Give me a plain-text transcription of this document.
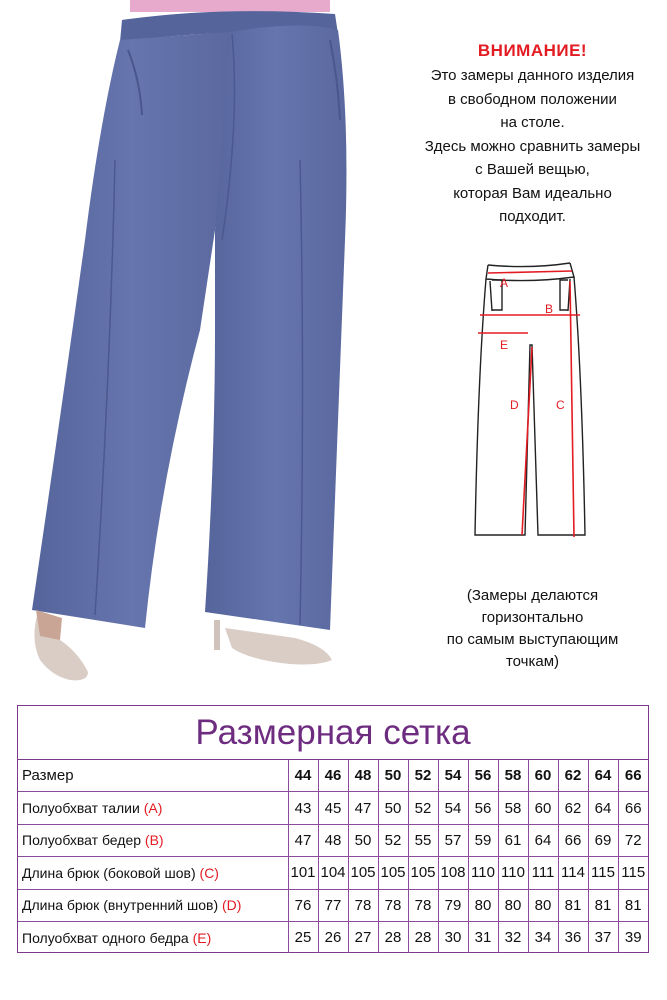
ВНИМАНИЕ!
Это замеры данного изделия
в свободном положении
на столе.
Здесь можно сравнить замеры
с Вашей вещью,
которая Вам идеально
подходит.
A
B
E
D	C
(Замеры делаются
горизонтально
по самым выступающим
точкам)
Размерная сетка
Размер	44	46	48	50	52	54	56	58	60	62	64	66
Полуобхват талии (A)	43	45	47	50	52	54	56	58	60	62	64	66
Полуобхват бедер (B)	47	48	50	52	55	57	59	61	64	66	69	72
Длина брюк (боковой шов) (C)	101	104	105	105	105	108	110	110	111	114	115	115
Длина брюк (внутренний шов) (D)	76	77	78	78	78	79	80	80	80	81	81	81
Полуобхват одного бедра (E)	25	26	27	28	28	30	31	32	34	36	37	39
